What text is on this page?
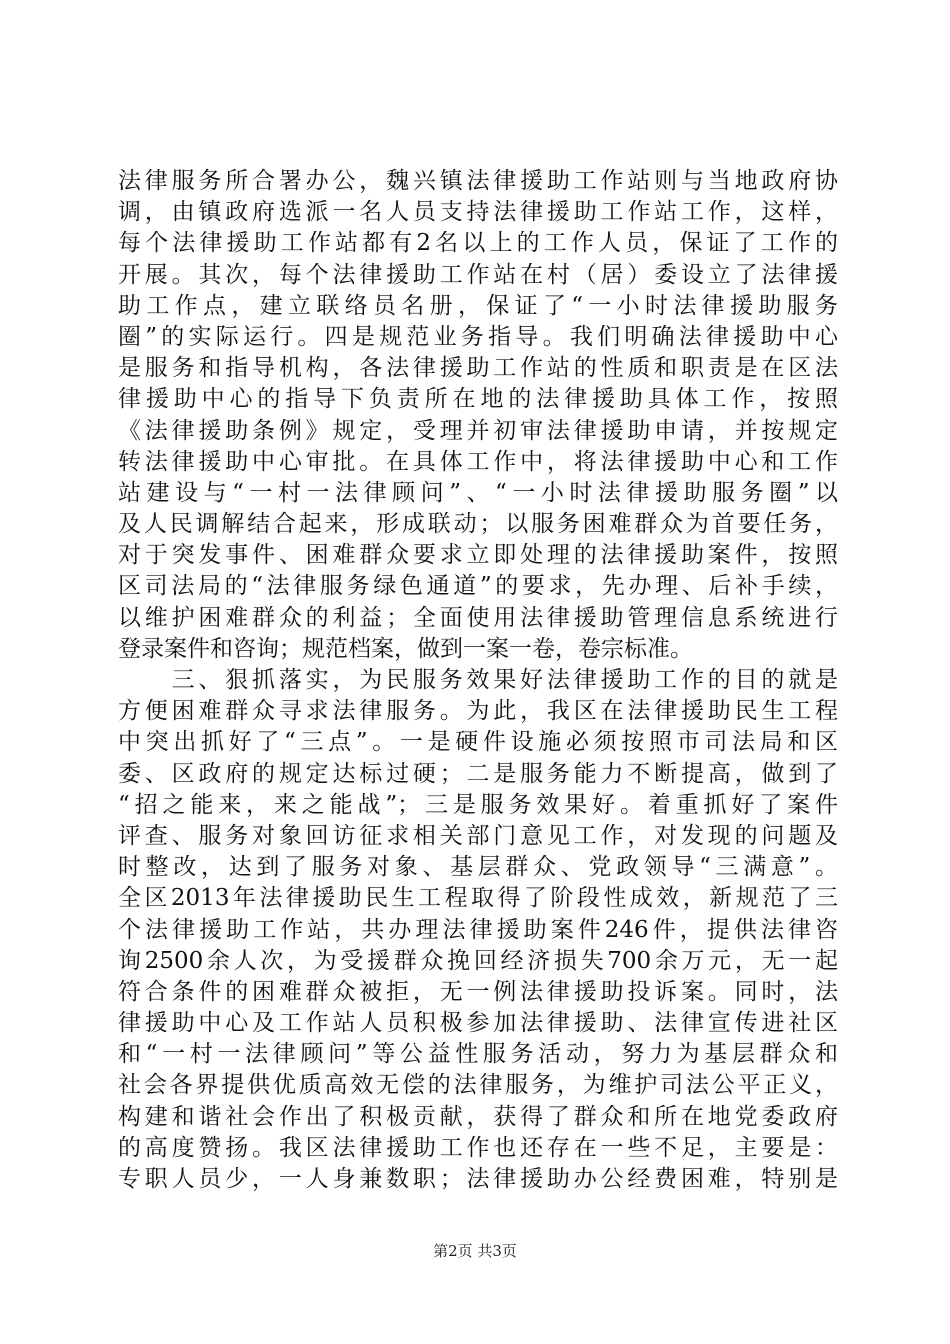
法律服务所合署办公，魏兴镇法律援助工作站则与当地政府协
调，由镇政府选派一名人员支持法律援助工作站工作，这样，
每个法律援助工作站都有2名以上的工作人员，保证了工作的
开展。其次，每个法律援助工作站在村（居）委设立了法律援
助工作点，建立联络员名册，保证了“一小时法律援助服务
圈”的实际运行。四是规范业务指导。我们明确法律援助中心
是服务和指导机构，各法律援助工作站的性质和职责是在区法
律援助中心的指导下负责所在地的法律援助具体工作，按照
《法律援助条例》规定，受理并初审法律援助申请，并按规定
转法律援助中心审批。在具体工作中，将法律援助中心和工作
站建设与“一村一法律顾问”、“一小时法律援助服务圈”以
及人民调解结合起来，形成联动；以服务困难群众为首要任务，
对于突发事件、困难群众要求立即处理的法律援助案件，按照
区司法局的“法律服务绿色通道”的要求，先办理、后补手续，
以维护困难群众的利益；全面使用法律援助管理信息系统进行
登录案件和咨询；规范档案，做到一案一卷，卷宗标准。
　　三、狠抓落实，为民服务效果好法律援助工作的目的就是
方便困难群众寻求法律服务。为此，我区在法律援助民生工程
中突出抓好了“三点”。一是硬件设施必须按照市司法局和区
委、区政府的规定达标过硬；二是服务能力不断提高，做到了
“招之能来，来之能战”；三是服务效果好。着重抓好了案件
评查、服务对象回访征求相关部门意见工作，对发现的问题及
时整改，达到了服务对象、基层群众、党政领导“三满意”。
全区2013年法律援助民生工程取得了阶段性成效，新规范了三
个法律援助工作站，共办理法律援助案件246件，提供法律咨
询2500余人次，为受援群众挽回经济损失700余万元，无一起
符合条件的困难群众被拒，无一例法律援助投诉案。同时，法
律援助中心及工作站人员积极参加法律援助、法律宣传进社区
和“一村一法律顾问”等公益性服务活动，努力为基层群众和
社会各界提供优质高效无偿的法律服务，为维护司法公平正义，
构建和谐社会作出了积极贡献，获得了群众和所在地党委政府
的高度赞扬。我区法律援助工作也还存在一些不足，主要是：
专职人员少，一人身兼数职；法律援助办公经费困难，特别是
第2页 共3页
